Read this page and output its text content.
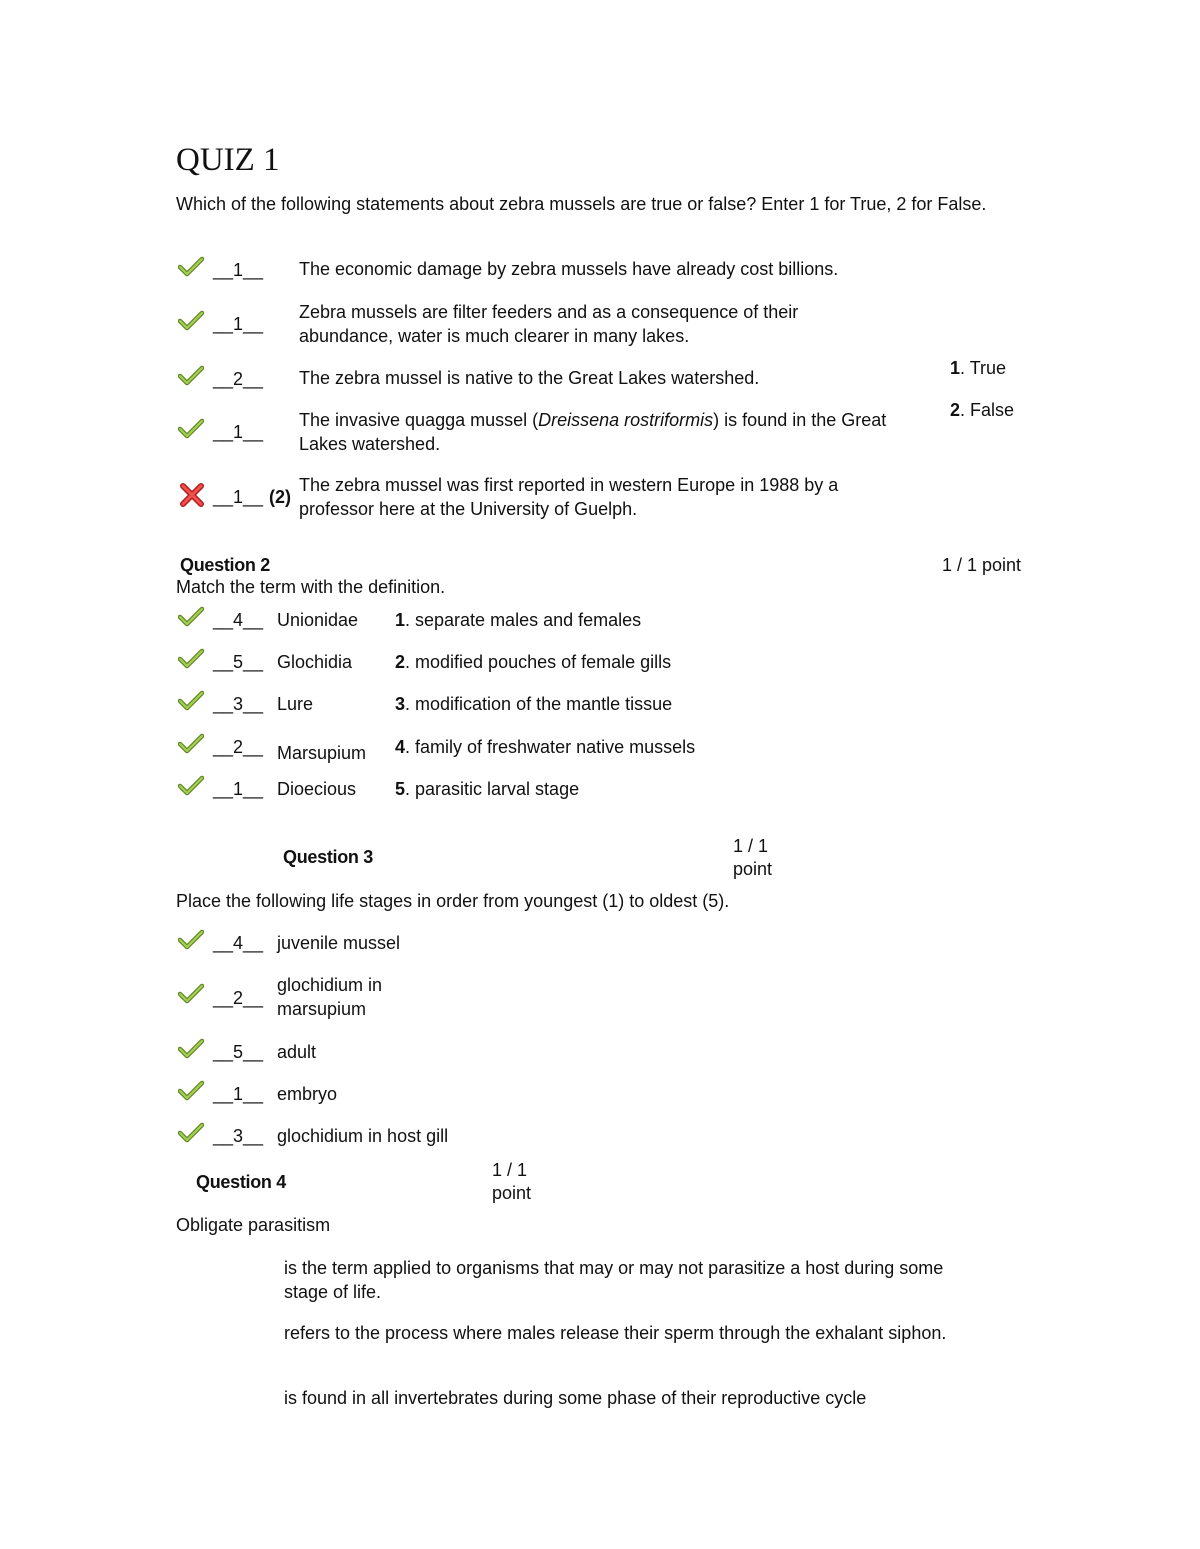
QUIZ 1
Which of the following statements about zebra mussels are true or false? Enter 1 for True, 2 for False.
__1__ The economic damage by zebra mussels have already cost billions.
__1__
Zebra mussels are filter feeders and as a consequence of their abundance, water is much clearer in many lakes.
__2__ The zebra mussel is native to the Great Lakes watershed.
__1__
The invasive quagga mussel (Dreissena rostriformis) is found in the Great Lakes watershed.
__1__ (2)
The zebra mussel was first reported in western Europe in 1988 by a professor here at the University of Guelph.
1. True
2. False
Question 2	1 / 1 point
Match the term with the definition.
__4__ Unionidae
__5__ Glochidia
__3__ Lure
__2__ Marsupium
__1__ Dioecious
1. separate males and females
2. modified pouches of female gills
3. modification of the mantle tissue
4. family of freshwater native mussels
5. parasitic larval stage
Question 3
1 / 1
point
Place the following life stages in order from youngest (1) to oldest (5).
__4__ juvenile mussel
__2__
glochidium in marsupium
__5__ adult
__1__ embryo
__3__ glochidium in host gill
Question 4
1 / 1
point
Obligate parasitism
is the term applied to organisms that may or may not parasitize a host during some stage of life.
refers to the process where males release their sperm through the exhalant siphon.
is found in all invertebrates during some phase of their reproductive cycle
